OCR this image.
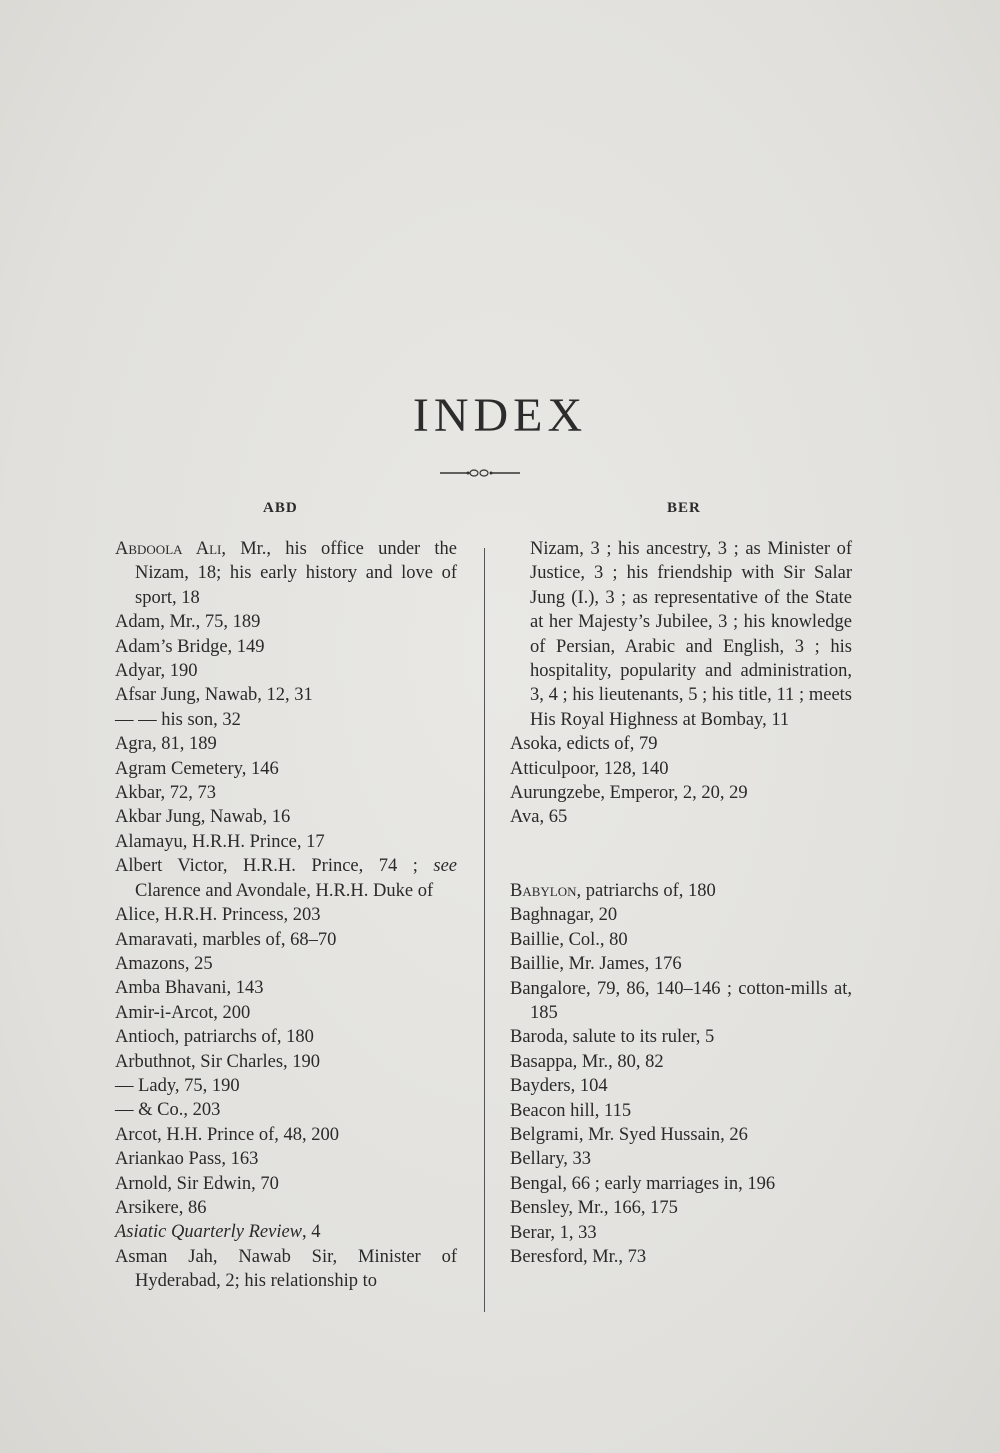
INDEX
ABD	BER

Abdoola Ali, Mr., his office under the Nizam, 18; his early history and love of sport, 18

Adam, Mr., 75, 189

Adam’s Bridge, 149

Adyar, 190

Afsar Jung, Nawab, 12, 31

— — his son, 32

Agra, 81, 189

Agram Cemetery, 146

Akbar, 72, 73

Akbar Jung, Nawab, 16

Alamayu, H.R.H. Prince, 17

Albert Victor, H.R.H. Prince, 74 ; see Clarence and Avondale, H.R.H. Duke of

Alice, H.R.H. Princess, 203

Amaravati, marbles of, 68–70

Amazons, 25

Amba Bhavani, 143

Amir-i-Arcot, 200

Antioch, patriarchs of, 180

Arbuthnot, Sir Charles, 190

— Lady, 75, 190

— & Co., 203

Arcot, H.H. Prince of, 48, 200

Ariankao Pass, 163

Arnold, Sir Edwin, 70

Arsikere, 86

Asiatic Quarterly Review, 4

Asman Jah, Nawab Sir, Minister of Hyderabad, 2; his relationship to

Nizam, 3 ; his ancestry, 3 ; as Minister of Justice, 3 ; his friendship with Sir Salar Jung (I.), 3 ; as representative of the State at her Majesty’s Jubilee, 3 ; his knowledge of Persian, Arabic and English, 3 ; his hospitality, popularity and administration, 3, 4 ; his lieutenants, 5 ; his title, 11 ; meets His Royal Highness at Bombay, 11

Asoka, edicts of, 79

Atticulpoor, 128, 140

Aurungzebe, Emperor, 2, 20, 29

Ava, 65

Babylon, patriarchs of, 180

Baghnagar, 20

Baillie, Col., 80

Baillie, Mr. James, 176

Bangalore, 79, 86, 140–146 ; cotton-mills at, 185

Baroda, salute to its ruler, 5

Basappa, Mr., 80, 82

Bayders, 104

Beacon hill, 115

Belgrami, Mr. Syed Hussain, 26

Bellary, 33

Bengal, 66 ; early marriages in, 196

Bensley, Mr., 166, 175

Berar, 1, 33

Beresford, Mr., 73
